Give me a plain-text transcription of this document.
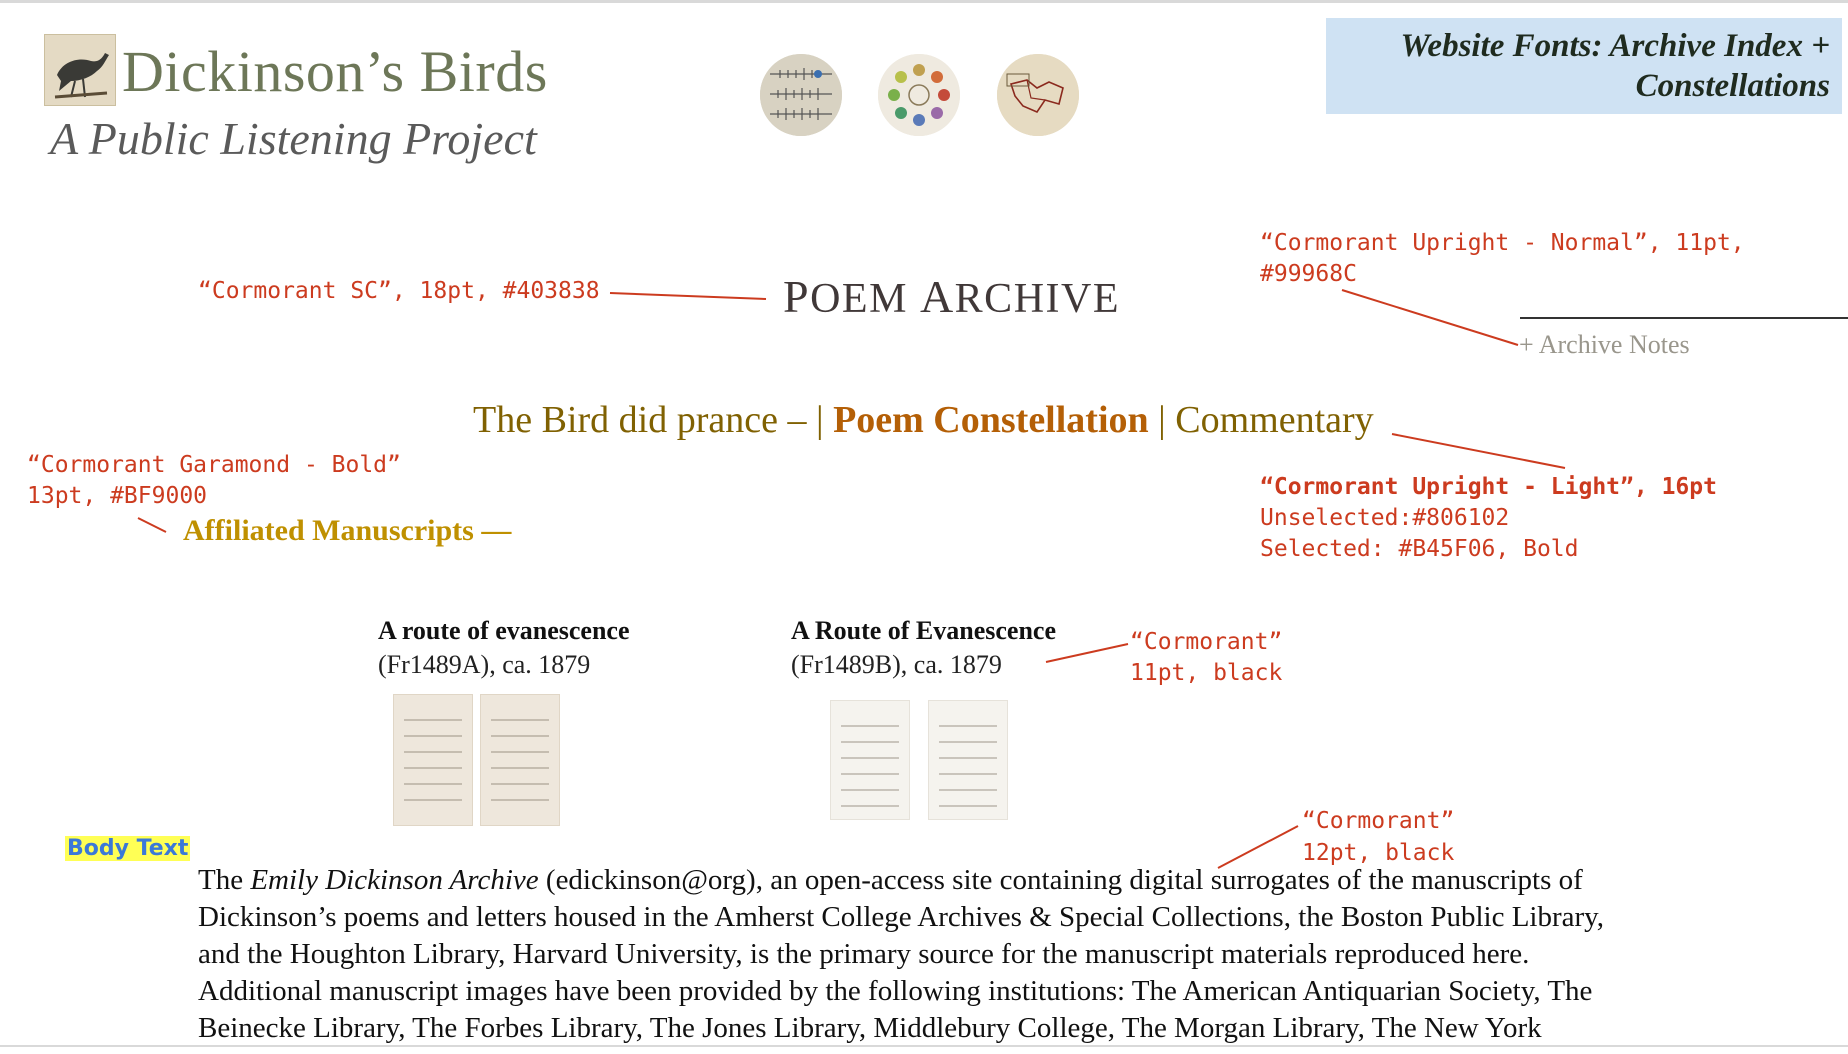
Dickinson’s Birds
A Public Listening Project
Website Fonts: Archive Index + Constellations
POEM ARCHIVE
+ Archive Notes
The Bird did prance – | Poem Constellation | Commentary
Affiliated Manuscripts —
A route of evanescence
(Fr1489A), ca. 1879
A Route of Evanescence
(Fr1489B), ca. 1879
Body Text

The Emily Dickinson Archive (edickinson@org), an open-access site containing digital surrogates of the manuscripts of Dickinson’s poems and letters housed in the Amherst College Archives & Special Collections, the Boston Public Library, and the Houghton Library, Harvard University, is the primary source for the manuscript materials reproduced here. Additional manuscript images have been provided by the following institutions: The American Antiquarian Society, The Beinecke Library, The Forbes Library, The Jones Library, Middlebury College, The Morgan Library, The New York

“Cormorant SC”, 18pt, #403838
“Cormorant Upright - Normal”, 11pt,
#99968C
“Cormorant Garamond - Bold”
13pt, #BF9000	“Cormorant Upright - Light”, 16pt
Unselected:#806102
Selected: #B45F06, Bold
“Cormorant”
11pt, black
“Cormorant”
12pt, black
